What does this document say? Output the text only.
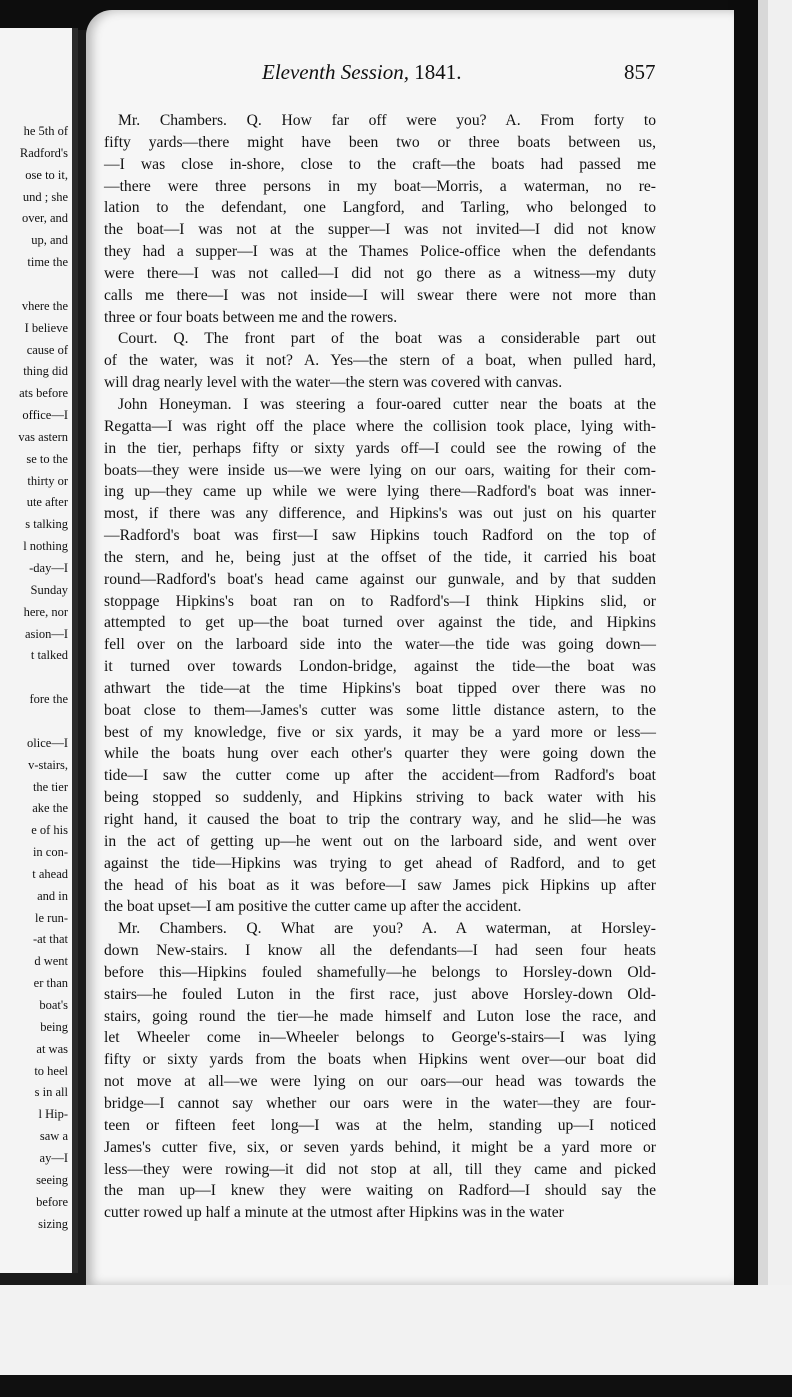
he 5th of
Radford's
ose to it,
und ; she
over, and
up, and
time the
vhere the
I believe
cause of
thing did
ats before
office—I
vas astern
se to the
thirty or
ute after
s talking
l nothing
-day—I
Sunday
here, nor
asion—I
t talked
fore the
olice—I
v-stairs,
the tier
ake the
e of his
in con-
t ahead
and in
le run-
-at that
d went
er than
boat's
being
at was
to heel
s in all
l Hip-
saw a
ay—I
seeing
before
sizing
Eleventh Session, 1841.	857
Mr. Chambers. Q. How far off were you? A. From forty to
fifty yards—there might have been two or three boats between us,
—I was close in-shore, close to the craft—the boats had passed me
—there were three persons in my boat—Morris, a waterman, no re-
lation to the defendant, one Langford, and Tarling, who belonged to
the boat—I was not at the supper—I was not invited—I did not know
they had a supper—I was at the Thames Police-office when the defendants
were there—I was not called—I did not go there as a witness—my duty
calls me there—I was not inside—I will swear there were not more than
three or four boats between me and the rowers.
Court. Q. The front part of the boat was a considerable part out
of the water, was it not? A. Yes—the stern of a boat, when pulled hard,
will drag nearly level with the water—the stern was covered with canvas.
John Honeyman. I was steering a four-oared cutter near the boats at the
Regatta—I was right off the place where the collision took place, lying with-
in the tier, perhaps fifty or sixty yards off—I could see the rowing of the
boats—they were inside us—we were lying on our oars, waiting for their com-
ing up—they came up while we were lying there—Radford's boat was inner-
most, if there was any difference, and Hipkins's was out just on his quarter
—Radford's boat was first—I saw Hipkins touch Radford on the top of
the stern, and he, being just at the offset of the tide, it carried his boat
round—Radford's boat's head came against our gunwale, and by that sudden
stoppage Hipkins's boat ran on to Radford's—I think Hipkins slid, or
attempted to get up—the boat turned over against the tide, and Hipkins
fell over on the larboard side into the water—the tide was going down—
it turned over towards London-bridge, against the tide—the boat was
athwart the tide—at the time Hipkins's boat tipped over there was no
boat close to them—James's cutter was some little distance astern, to the
best of my knowledge, five or six yards, it may be a yard more or less—
while the boats hung over each other's quarter they were going down the
tide—I saw the cutter come up after the accident—from Radford's boat
being stopped so suddenly, and Hipkins striving to back water with his
right hand, it caused the boat to trip the contrary way, and he slid—he was
in the act of getting up—he went out on the larboard side, and went over
against the tide—Hipkins was trying to get ahead of Radford, and to get
the head of his boat as it was before—I saw James pick Hipkins up after
the boat upset—I am positive the cutter came up after the accident.
Mr. Chambers. Q. What are you? A. A waterman, at Horsley-
down New-stairs. I know all the defendants—I had seen four heats
before this—Hipkins fouled shamefully—he belongs to Horsley-down Old-
stairs—he fouled Luton in the first race, just above Horsley-down Old-
stairs, going round the tier—he made himself and Luton lose the race, and
let Wheeler come in—Wheeler belongs to George's-stairs—I was lying
fifty or sixty yards from the boats when Hipkins went over—our boat did
not move at all—we were lying on our oars—our head was towards the
bridge—I cannot say whether our oars were in the water—they are four-
teen or fifteen feet long—I was at the helm, standing up—I noticed
James's cutter five, six, or seven yards behind, it might be a yard more or
less—they were rowing—it did not stop at all, till they came and picked
the man up—I knew they were waiting on Radford—I should say the
cutter rowed up half a minute at the utmost after Hipkins was in the water
